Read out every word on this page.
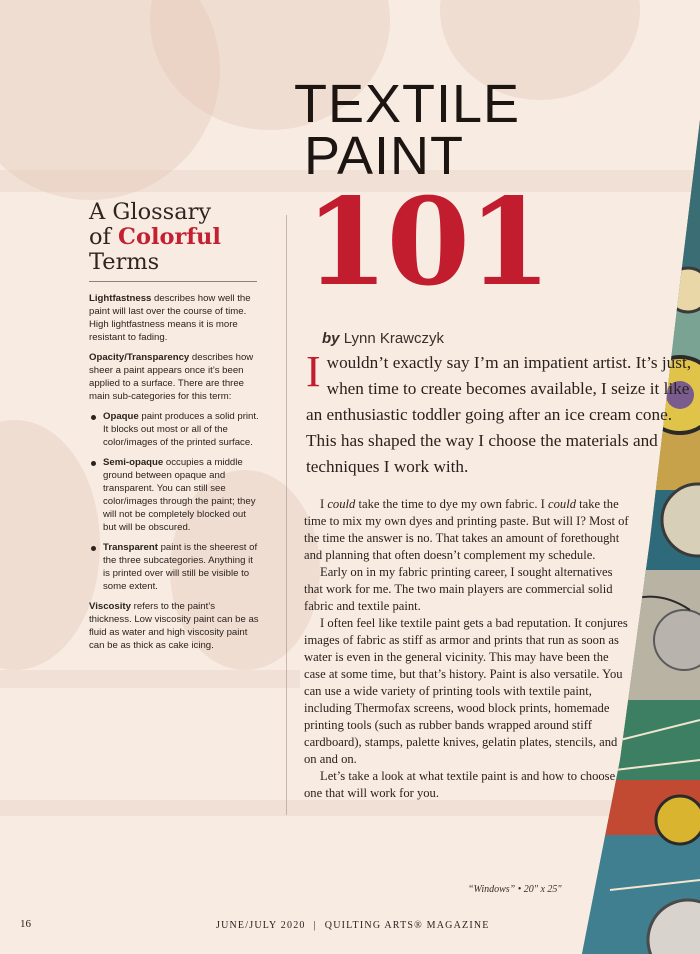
TEXTILE
PAINT
101
A Glossary
of Colorful
Terms

Lightfastness describes how well the paint will last over the course of time. High lightfastness means it is more resistant to fading.

Opacity/Transparency describes how sheer a paint appears once it’s been applied to a surface. There are three main sub-categories for this term:

Opaque paint produces a solid print. It blocks out most or all of the color/images of the printed surface.
Semi-opaque occupies a middle ground between opaque and transparent. You can still see color/images through the paint; they will not be completely blocked out but will be obscured.
Transparent paint is the sheerest of the three subcategories. Anything it is printed over will still be visible to some extent.

Viscosity refers to the paint’s thickness. Low viscosity paint can be as fluid as water and high viscosity paint can be as thick as cake icing.

by Lynn Krawczyk

I wouldn’t exactly say I’m an impatient artist. It’s just, when time to create becomes available, I seize it like an enthusiastic toddler going after an ice cream cone. This has shaped the way I choose the materials and techniques I work with.

I could take the time to dye my own fabric. I could take the time to mix my own dyes and printing paste. But will I? Most of the time the answer is no. That takes an amount of forethought and planning that often doesn’t complement my schedule.

Early on in my fabric printing career, I sought alternatives that work for me. The two main players are commercial solid fabric and textile paint.

I often feel like textile paint gets a bad reputation. It conjures images of fabric as stiff as armor and prints that run as soon as water is even in the general vicinity. This may have been the case at some time, but that’s history. Paint is also versatile. You can use a wide variety of printing tools with textile paint, including Thermofax screens, wood block prints, homemade printing tools (such as rubber bands wrapped around stiff cardboard), stamps, palette knives, gelatin plates, stencils, and on and on.

Let’s take a look at what textile paint is and how to choose one that will work for you.

“Windows” • 20" x 25"
16	JUNE/JULY 2020 | QUILTING ARTS® MAGAZINE
